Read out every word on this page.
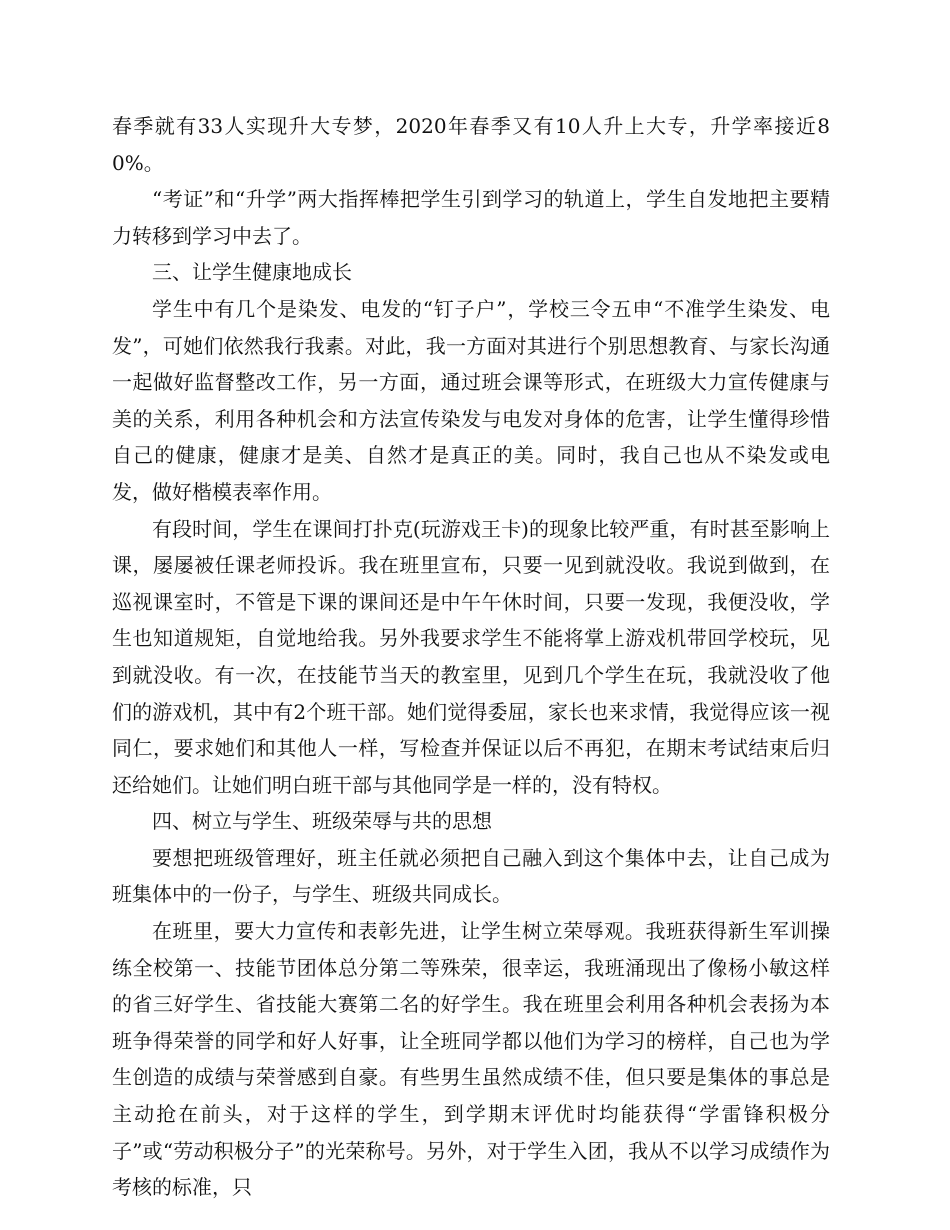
春季就有33人实现升大专梦，2020年春季又有10人升上大专，升学率接近80%。

“考证”和“升学”两大指挥棒把学生引到学习的轨道上，学生自发地把主要精力转移到学习中去了。

三、让学生健康地成长

学生中有几个是染发、电发的“钉子户”，学校三令五申“不准学生染发、电发”，可她们依然我行我素。对此，我一方面对其进行个别思想教育、与家长沟通一起做好监督整改工作，另一方面，通过班会课等形式，在班级大力宣传健康与美的关系，利用各种机会和方法宣传染发与电发对身体的危害，让学生懂得珍惜自己的健康，健康才是美、自然才是真正的美。同时，我自己也从不染发或电发，做好楷模表率作用。

有段时间，学生在课间打扑克(玩游戏王卡)的现象比较严重，有时甚至影响上课，屡屡被任课老师投诉。我在班里宣布，只要一见到就没收。我说到做到，在巡视课室时，不管是下课的课间还是中午午休时间，只要一发现，我便没收，学生也知道规矩，自觉地给我。另外我要求学生不能将掌上游戏机带回学校玩，见到就没收。有一次，在技能节当天的教室里，见到几个学生在玩，我就没收了他们的游戏机，其中有2个班干部。她们觉得委屈，家长也来求情，我觉得应该一视同仁，要求她们和其他人一样，写检查并保证以后不再犯，在期末考试结束后归还给她们。让她们明白班干部与其他同学是一样的，没有特权。

四、树立与学生、班级荣辱与共的思想

要想把班级管理好，班主任就必须把自己融入到这个集体中去，让自己成为班集体中的一份子，与学生、班级共同成长。

在班里，要大力宣传和表彰先进，让学生树立荣辱观。我班获得新生军训操练全校第一、技能节团体总分第二等殊荣，很幸运，我班涌现出了像杨小敏这样的省三好学生、省技能大赛第二名的好学生。我在班里会利用各种机会表扬为本班争得荣誉的同学和好人好事，让全班同学都以他们为学习的榜样，自己也为学生创造的成绩与荣誉感到自豪。有些男生虽然成绩不佳，但只要是集体的事总是主动抢在前头，对于这样的学生，到学期末评优时均能获得“学雷锋积极分子”或“劳动积极分子”的光荣称号。另外，对于学生入团，我从不以学习成绩作为考核的标准，只
